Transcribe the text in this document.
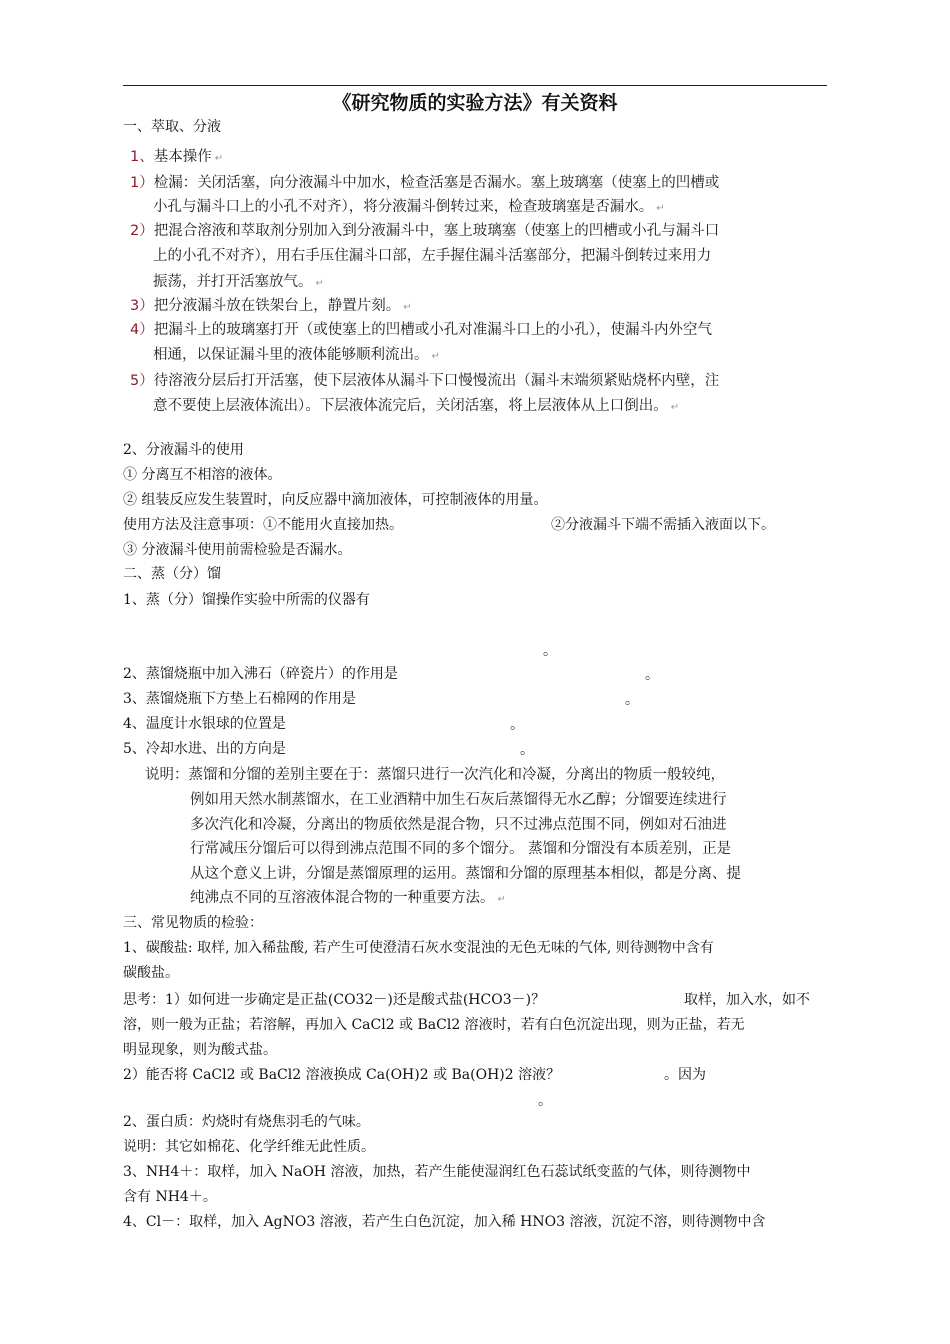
《研究物质的实验方法》有关资料
一、萃取、分液
1、基本操作 ↵
1）检漏：关闭活塞，向分液漏斗中加水，检查活塞是否漏水。塞上玻璃塞（使塞上的凹槽或
小孔与漏斗口上的小孔不对齐），将分液漏斗倒转过来，检查玻璃塞是否漏水。 ↵
2）把混合溶液和萃取剂分别加入到分液漏斗中，塞上玻璃塞（使塞上的凹槽或小孔与漏斗口
上的小孔不对齐），用右手压住漏斗口部，左手握住漏斗活塞部分，把漏斗倒转过来用力
振荡，并打开活塞放气。 ↵
3）把分液漏斗放在铁架台上，静置片刻。 ↵
4）把漏斗上的玻璃塞打开（或使塞上的凹槽或小孔对准漏斗口上的小孔），使漏斗内外空气
相通，以保证漏斗里的液体能够顺利流出。 ↵
5）待溶液分层后打开活塞，使下层液体从漏斗下口慢慢流出（漏斗末端须紧贴烧杯内壁，注
意不要使上层液体流出）。下层液体流完后，关闭活塞，将上层液体从上口倒出。 ↵
2、分液漏斗的使用
① 分离互不相溶的液体。
② 组装反应发生装置时，向反应器中滴加液体，可控制液体的用量。
使用方法及注意事项：①不能用火直接加热。	②分液漏斗下端不需插入液面以下。
③ 分液漏斗使用前需检验是否漏水。
二、蒸（分）馏
1、蒸（分）馏操作实验中所需的仪器有
。
2、蒸馏烧瓶中加入沸石（碎瓷片）的作用是	。
3、蒸馏烧瓶下方垫上石棉网的作用是	。
4、温度计水银球的位置是	。
5、冷却水进、出的方向是	。
说明：蒸馏和分馏的差别主要在于：蒸馏只进行一次汽化和冷凝，分离出的物质一般较纯，
例如用天然水制蒸馏水，在工业酒精中加生石灰后蒸馏得无水乙醇；分馏要连续进行
多次汽化和冷凝，分离出的物质依然是混合物，只不过沸点范围不同，例如对石油进
行常减压分馏后可以得到沸点范围不同的多个馏分。 蒸馏和分馏没有本质差别，正是
从这个意义上讲，分馏是蒸馏原理的运用。蒸馏和分馏的原理基本相似，都是分离、提
纯沸点不同的互溶液体混合物的一种重要方法。 ↵
三、常见物质的检验：
1、碳酸盐: 取样, 加入稀盐酸, 若产生可使澄清石灰水变混浊的无色无味的气体, 则待测物中含有
碳酸盐。
思考：1）如何进一步确定是正盐(CO32－)还是酸式盐(HCO3－)？	取样，加入水，如不
溶，则一般为正盐；若溶解，再加入 CaCl2 或 BaCl2 溶液时，若有白色沉淀出现，则为正盐，若无
明显现象，则为酸式盐。
2）能否将 CaCl2 或 BaCl2 溶液换成 Ca(OH)2 或 Ba(OH)2 溶液？	。因为
。
2、蛋白质：灼烧时有烧焦羽毛的气味。
说明：其它如棉花、化学纤维无此性质。
3、NH4＋：取样，加入 NaOH 溶液，加热，若产生能使湿润红色石蕊试纸变蓝的气体，则待测物中
含有 NH4＋。
4、Cl－：取样，加入 AgNO3 溶液，若产生白色沉淀，加入稀 HNO3 溶液，沉淀不溶，则待测物中含
